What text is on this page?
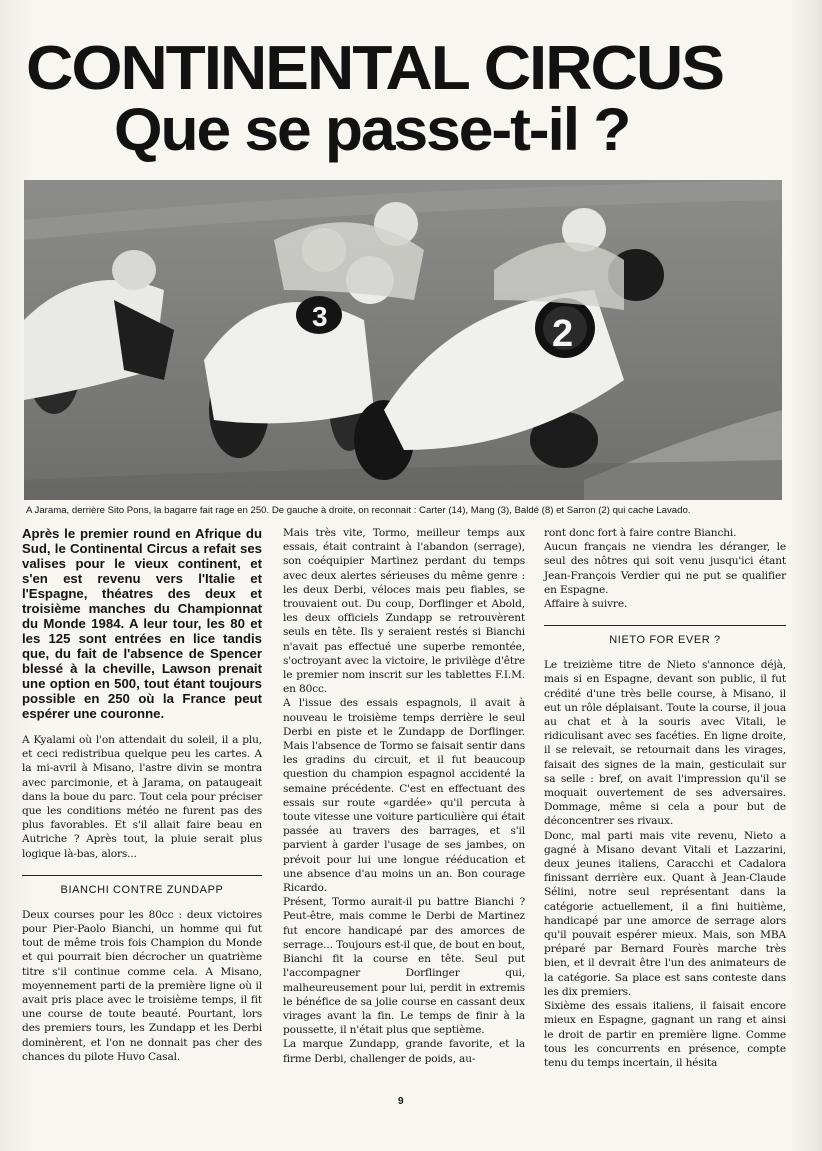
CONTINENTAL CIRCUS
Que se passe-t-il ?
3	2
A Jarama, derrière Sito Pons, la bagarre fait rage en 250. De gauche à droite, on reconnait : Carter (14), Mang (3), Baldé (8) et Sarron (2) qui cache Lavado.

Après le premier round en Afrique du Sud, le Continental Circus a refait ses valises pour le vieux continent, et s'en est revenu vers l'Italie et l'Espagne, théatres des deux et troisième manches du Championnat du Monde 1984. A leur tour, les 80 et les 125 sont entrées en lice tandis que, du fait de l'absence de Spencer blessé à la cheville, Lawson prenait une option en 500, tout étant toujours possible en 250 où la France peut espérer une couronne.

A Kyalami où l'on attendait du soleil, il a plu, et ceci redistribua quelque peu les cartes. A la mi-avril à Misano, l'astre divin se montra avec parcimonie, et à Jarama, on pataugeait dans la boue du parc. Tout cela pour préciser que les conditions météo ne furent pas des plus favorables. Et s'il allait faire beau en Autriche ? Après tout, la pluie serait plus logique là-bas, alors...

BIANCHI CONTRE ZUNDAPP

Deux courses pour les 80cc : deux victoires pour Pier-Paolo Bianchi, un homme qui fut tout de même trois fois Champion du Monde et qui pourrait bien décrocher un quatrième titre s'il continue comme cela. A Misano, moyennement parti de la première ligne où il avait pris place avec le troisième temps, il fit une course de toute beauté. Pourtant, lors des premiers tours, les Zundapp et les Derbi dominèrent, et l'on ne donnait pas cher des chances du pilote Huvo Casal.

Mais très vite, Tormo, meilleur temps aux essais, était contraint à l'abandon (serrage), son coéquipier Martinez perdant du temps avec deux alertes sérieuses du même genre : les deux Derbi, véloces mais peu fiables, se trouvaient out. Du coup, Dorflinger et Abold, les deux officiels Zundapp se retrouvèrent seuls en tête. Ils y seraient restés si Bianchi n'avait pas effectué une superbe remontée, s'octroyant avec la victoire, le privilège d'être le premier nom inscrit sur les tablettes F.I.M. en 80cc.

A l'issue des essais espagnols, il avait à nouveau le troisième temps derrière le seul Derbi en piste et le Zundapp de Dorflinger. Mais l'absence de Tormo se faisait sentir dans les gradins du circuit, et il fut beaucoup question du champion espagnol accidenté la semaine précédente. C'est en effectuant des essais sur route «gardée» qu'il percuta à toute vitesse une voiture particulière qui était passée au travers des barrages, et s'il parvient à garder l'usage de ses jambes, on prévoit pour lui une longue rééducation et une absence d'au moins un an. Bon courage Ricardo.

Présent, Tormo aurait-il pu battre Bianchi ? Peut-être, mais comme le Derbi de Martinez fut encore handicapé par des amorces de serrage... Toujours est-il que, de bout en bout, Bianchi fit la course en tête. Seul put l'accompagner Dorflinger qui, malheureusement pour lui, perdit in extremis le bénéfice de sa jolie course en cassant deux virages avant la fin. Le temps de finir à la poussette, il n'était plus que septième.

La marque Zundapp, grande favorite, et la firme Derbi, challenger de poids, au-

ront donc fort à faire contre Bianchi.

Aucun français ne viendra les déranger, le seul des nôtres qui soit venu jusqu'ici étant Jean-François Verdier qui ne put se qualifier en Espagne.

Affaire à suivre.

NIETO FOR EVER ?

Le treizième titre de Nieto s'annonce déjà, mais si en Espagne, devant son public, il fut crédité d'une très belle course, à Misano, il eut un rôle déplaisant. Toute la course, il joua au chat et à la souris avec Vitali, le ridiculisant avec ses facéties. En ligne droite, il se relevait, se retournait dans les virages, faisait des signes de la main, gesticulait sur sa selle : bref, on avait l'impression qu'il se moquait ouvertement de ses adversaires. Dommage, même si cela a pour but de déconcentrer ses rivaux.

Donc, mal parti mais vite revenu, Nieto a gagné à Misano devant Vitali et Lazzarini, deux jeunes italiens, Caracchi et Cadalora finissant derrière eux. Quant à Jean-Claude Sélini, notre seul représentant dans la catégorie actuellement, il a fini huitième, handicapé par une amorce de serrage alors qu'il pouvait espérer mieux. Mais, son MBA préparé par Bernard Fourès marche très bien, et il devrait être l'un des animateurs de la catégorie. Sa place est sans conteste dans les dix premiers.

Sixième des essais italiens, il faisait encore mieux en Espagne, gagnant un rang et ainsi le droit de partir en première ligne. Comme tous les concurrents en présence, compte tenu du temps incertain, il hésita

9
